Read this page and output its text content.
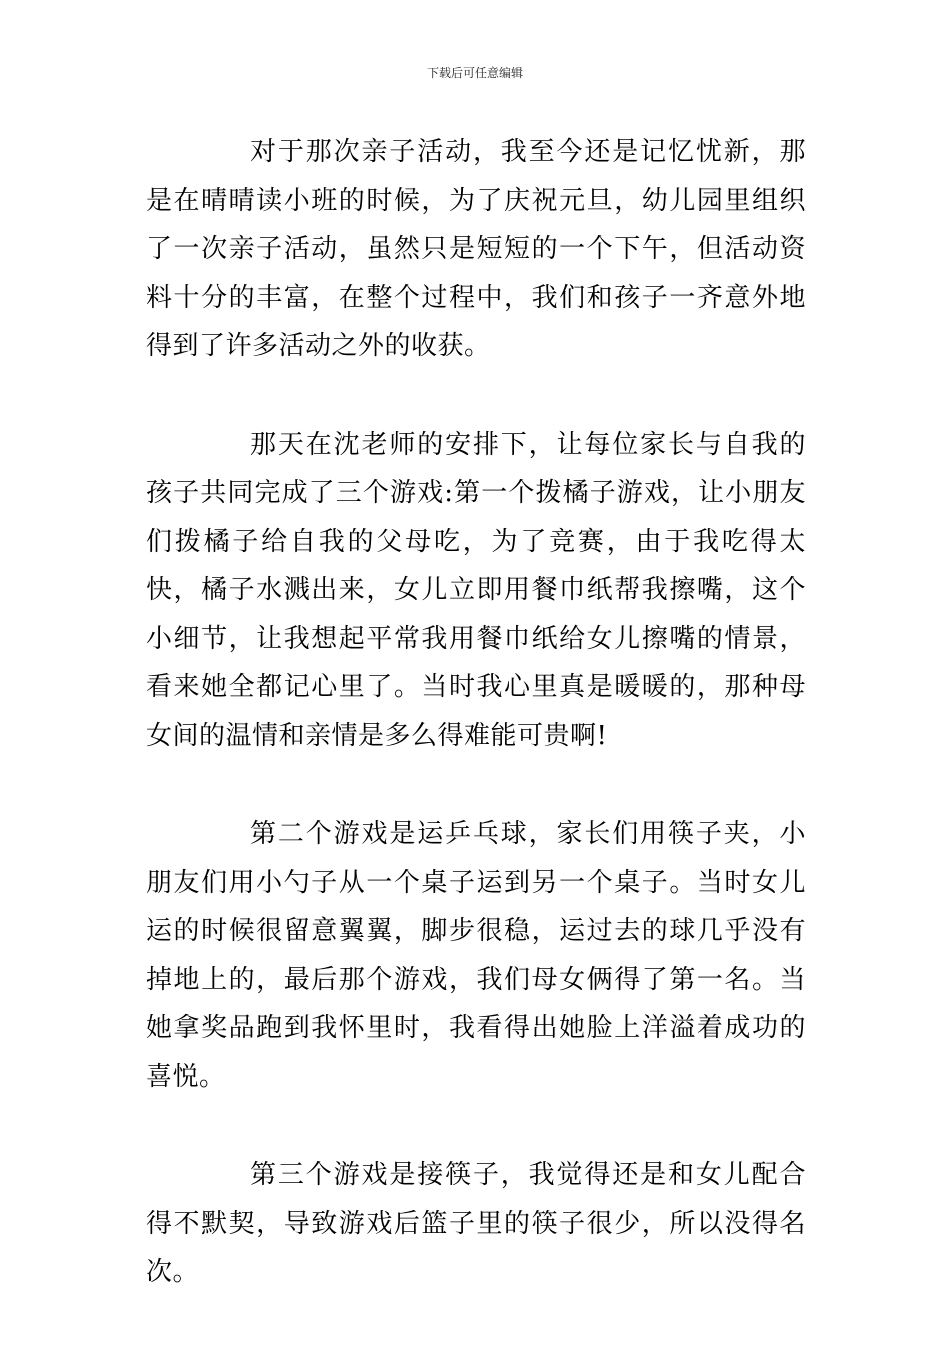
下载后可任意编辑

对于那次亲子活动，我至今还是记忆忧新，那是在晴晴读小班的时候，为了庆祝元旦，幼儿园里组织了一次亲子活动，虽然只是短短的一个下午，但活动资料十分的丰富，在整个过程中，我们和孩子一齐意外地得到了许多活动之外的收获。

那天在沈老师的安排下，让每位家长与自我的孩子共同完成了三个游戏:第一个拨橘子游戏，让小朋友们拨橘子给自我的父母吃，为了竞赛，由于我吃得太快，橘子水溅出来，女儿立即用餐巾纸帮我擦嘴，这个小细节，让我想起平常我用餐巾纸给女儿擦嘴的情景，看来她全都记心里了。当时我心里真是暖暖的，那种母女间的温情和亲情是多么得难能可贵啊!

第二个游戏是运乒乓球，家长们用筷子夹，小朋友们用小勺子从一个桌子运到另一个桌子。当时女儿运的时候很留意翼翼，脚步很稳，运过去的球几乎没有掉地上的，最后那个游戏，我们母女俩得了第一名。当她拿奖品跑到我怀里时，我看得出她脸上洋溢着成功的喜悦。

第三个游戏是接筷子，我觉得还是和女儿配合得不默契，导致游戏后篮子里的筷子很少，所以没得名次。
